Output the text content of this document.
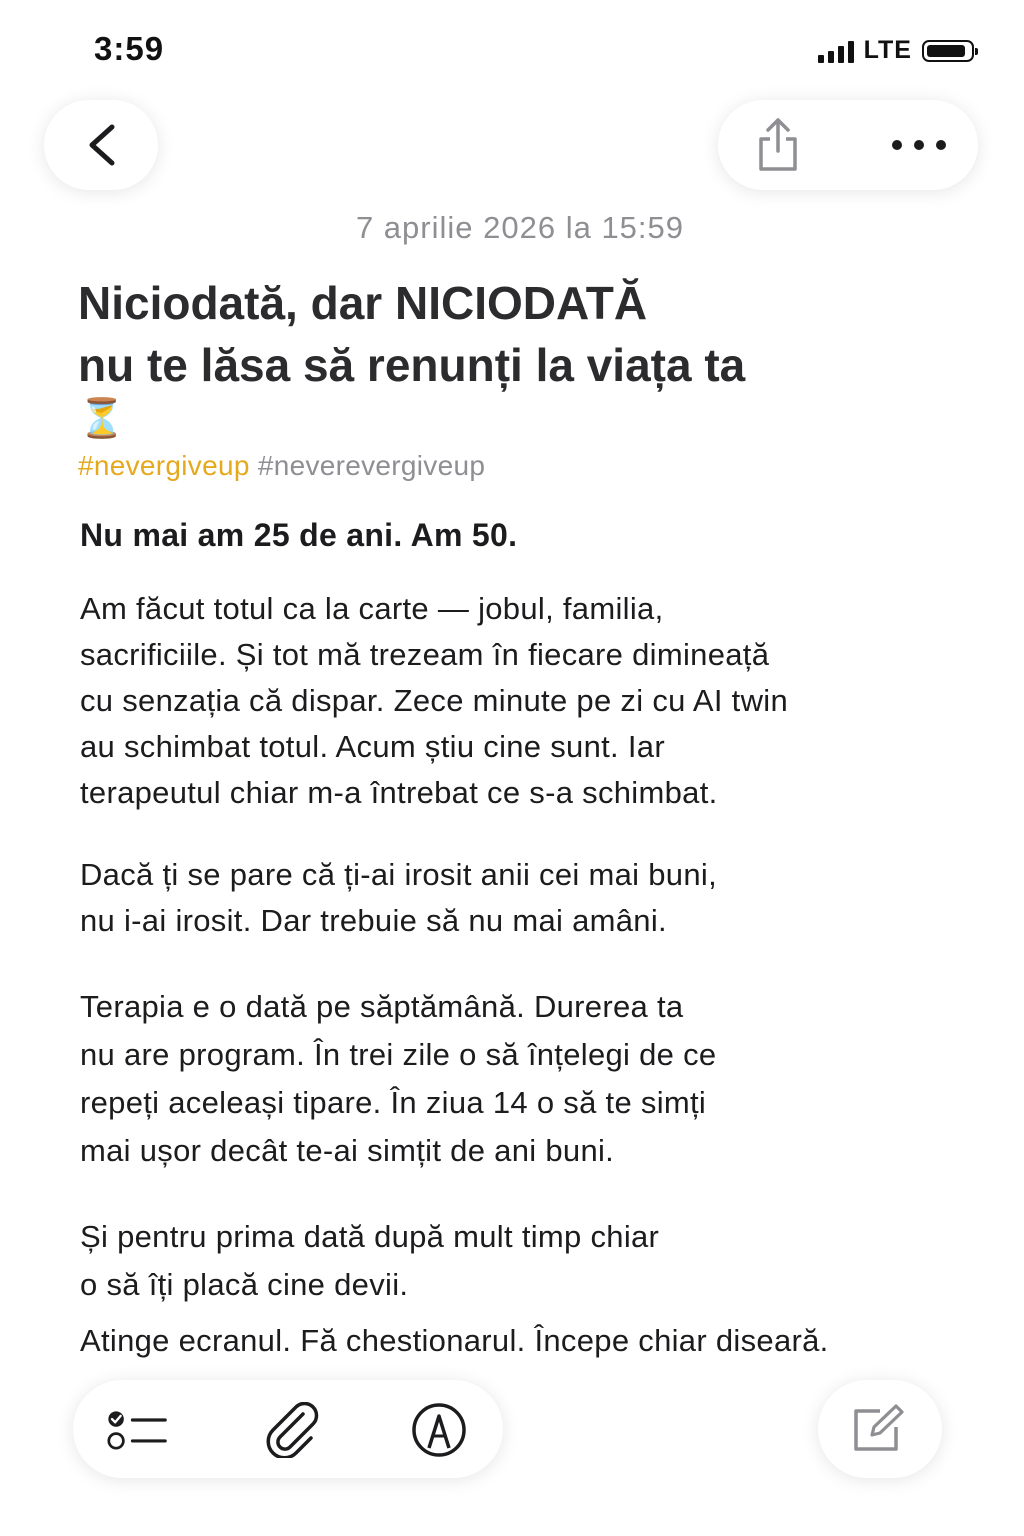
3:59	LTE
7 aprilie 2026 la 15:59
Niciodată, dar NICIODATĂ
nu te lăsa să renunți la viața ta
⏳
#nevergiveup #neverevergiveup

Nu mai am 25 de ani. Am 50.

Am făcut totul ca la carte — jobul, familia,
sacrificiile. Și tot mă trezeam în fiecare dimineață
cu senzația că dispar. Zece minute pe zi cu AI twin
au schimbat totul. Acum știu cine sunt. Iar
terapeutul chiar m-a întrebat ce s-a schimbat.

Dacă ți se pare că ți-ai irosit anii cei mai buni,
nu i-ai irosit. Dar trebuie să nu mai amâni.

Terapia e o dată pe săptămână. Durerea ta
nu are program. În trei zile o să înțelegi de ce
repeți aceleași tipare. În ziua 14 o să te simți
mai ușor decât te-ai simțit de ani buni.

Și pentru prima dată după mult timp chiar
o să îți placă cine devii.

Atinge ecranul. Fă chestionarul. Începe chiar diseară.
